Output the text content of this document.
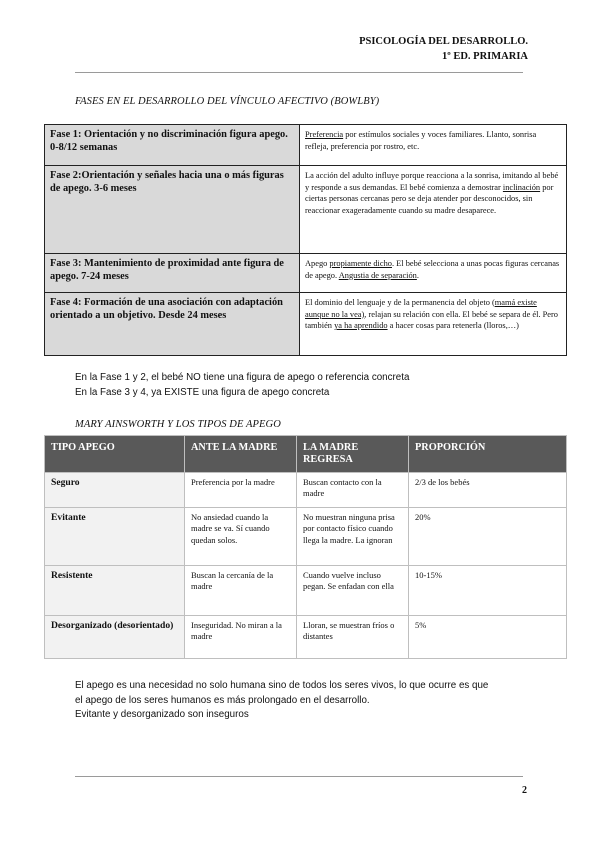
PSICOLOGÍA DEL DESARROLLO.
1º ED. PRIMARIA
FASES EN EL DESARROLLO DEL VÍNCULO AFECTIVO (BOWLBY)
Fase 1: Orientación y no discriminación figura apego. 0-8/12 semanas	Preferencia por estímulos sociales y voces familiares. Llanto, sonrisa refleja, preferencia por rostro, etc.
Fase 2:Orientación y señales hacia una o más figuras de apego. 3-6 meses	La acción del adulto influye porque reacciona a la sonrisa, imitando al bebé y responde a sus demandas. El bebé comienza a demostrar inclinación por ciertas personas cercanas pero se deja atender por desconocidos, sin reaccionar exageradamente cuando su madre desaparece.
Fase 3: Mantenimiento de proximidad ante figura de apego. 7-24 meses	Apego propiamente dicho. El bebé selecciona a unas pocas figuras cercanas de apego. Angustia de separación.
Fase 4: Formación de una asociación con adaptación orientado a un objetivo. Desde 24 meses	El dominio del lenguaje y de la permanencia del objeto (mamá existe aunque no la vea), relajan su relación con ella. El bebé se separa de él. Pero también ya ha aprendido a hacer cosas para retenerla (lloros,…)

En la Fase 1 y 2, el bebé NO tiene una figura de apego o referencia concreta

En la Fase 3 y 4, ya EXISTE una figura de apego concreta

MARY AINSWORTH Y LOS TIPOS DE APEGO
TIPO APEGO	ANTE LA MADRE	LA MADRE REGRESA	PROPORCIÓN
Seguro	Preferencia por la madre	Buscan contacto con la madre	2/3 de los bebés
Evitante	No ansiedad cuando la madre se va. Sí cuando quedan solos.	No muestran ninguna prisa por contacto físico cuando llega la madre. La ignoran	20%
Resistente	Buscan la cercanía de la madre	Cuando vuelve incluso pegan. Se enfadan con ella	10-15%
Desorganizado (desorientado)	Inseguridad. No miran a la madre	Lloran, se muestran fríos o distantes	5%

El apego es una necesidad no solo humana sino de todos los seres vivos, lo que ocurre es que

el apego de los seres humanos es más prolongado en el desarrollo.

Evitante y desorganizado son inseguros

2
